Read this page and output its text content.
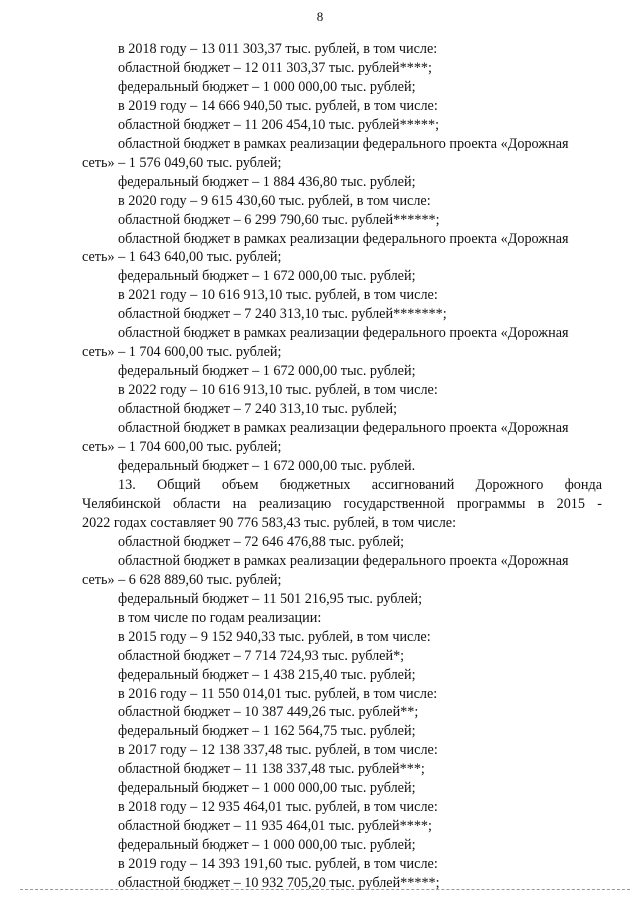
8
в 2018 году – 13 011 303,37 тыс. рублей, в том числе:
областной бюджет – 12 011 303,37 тыс. рублей****;
федеральный бюджет – 1 000 000,00 тыс. рублей;
в 2019 году – 14 666 940,50 тыс. рублей, в том числе:
областной бюджет – 11 206 454,10 тыс. рублей*****;
областной бюджет в рамках реализации федерального проекта «Дорожная
сеть» – 1 576 049,60 тыс. рублей;
федеральный бюджет – 1 884 436,80 тыс. рублей;
в 2020 году – 9 615 430,60 тыс. рублей, в том числе:
областной бюджет – 6 299 790,60 тыс. рублей******;
областной бюджет в рамках реализации федерального проекта «Дорожная
сеть» – 1 643 640,00 тыс. рублей;
федеральный бюджет – 1 672 000,00 тыс. рублей;
в 2021 году – 10 616 913,10 тыс. рублей, в том числе:
областной бюджет – 7 240 313,10 тыс. рублей*******;
областной бюджет в рамках реализации федерального проекта «Дорожная
сеть» – 1 704 600,00 тыс. рублей;
федеральный бюджет – 1 672 000,00 тыс. рублей;
в 2022 году – 10 616 913,10 тыс. рублей, в том числе:
областной бюджет – 7 240 313,10 тыс. рублей;
областной бюджет в рамках реализации федерального проекта «Дорожная
сеть» – 1 704 600,00 тыс. рублей;
федеральный бюджет – 1 672 000,00 тыс. рублей.
13. Общий объем бюджетных ассигнований Дорожного фонда
Челябинской области на реализацию государственной программы в 2015 -
2022 годах составляет 90 776 583,43 тыс. рублей, в том числе:
областной бюджет – 72 646 476,88 тыс. рублей;
областной бюджет в рамках реализации федерального проекта «Дорожная
сеть» – 6 628 889,60 тыс. рублей;
федеральный бюджет – 11 501 216,95 тыс. рублей;
в том числе по годам реализации:
в 2015 году – 9 152 940,33 тыс. рублей, в том числе:
областной бюджет – 7 714 724,93 тыс. рублей*;
федеральный бюджет – 1 438 215,40 тыс. рублей;
в 2016 году – 11 550 014,01 тыс. рублей, в том числе:
областной бюджет – 10 387 449,26 тыс. рублей**;
федеральный бюджет – 1 162 564,75 тыс. рублей;
в 2017 году – 12 138 337,48 тыс. рублей, в том числе:
областной бюджет – 11 138 337,48 тыс. рублей***;
федеральный бюджет – 1 000 000,00 тыс. рублей;
в 2018 году – 12 935 464,01 тыс. рублей, в том числе:
областной бюджет – 11 935 464,01 тыс. рублей****;
федеральный бюджет – 1 000 000,00 тыс. рублей;
в 2019 году – 14 393 191,60 тыс. рублей, в том числе:
областной бюджет – 10 932 705,20 тыс. рублей*****;
